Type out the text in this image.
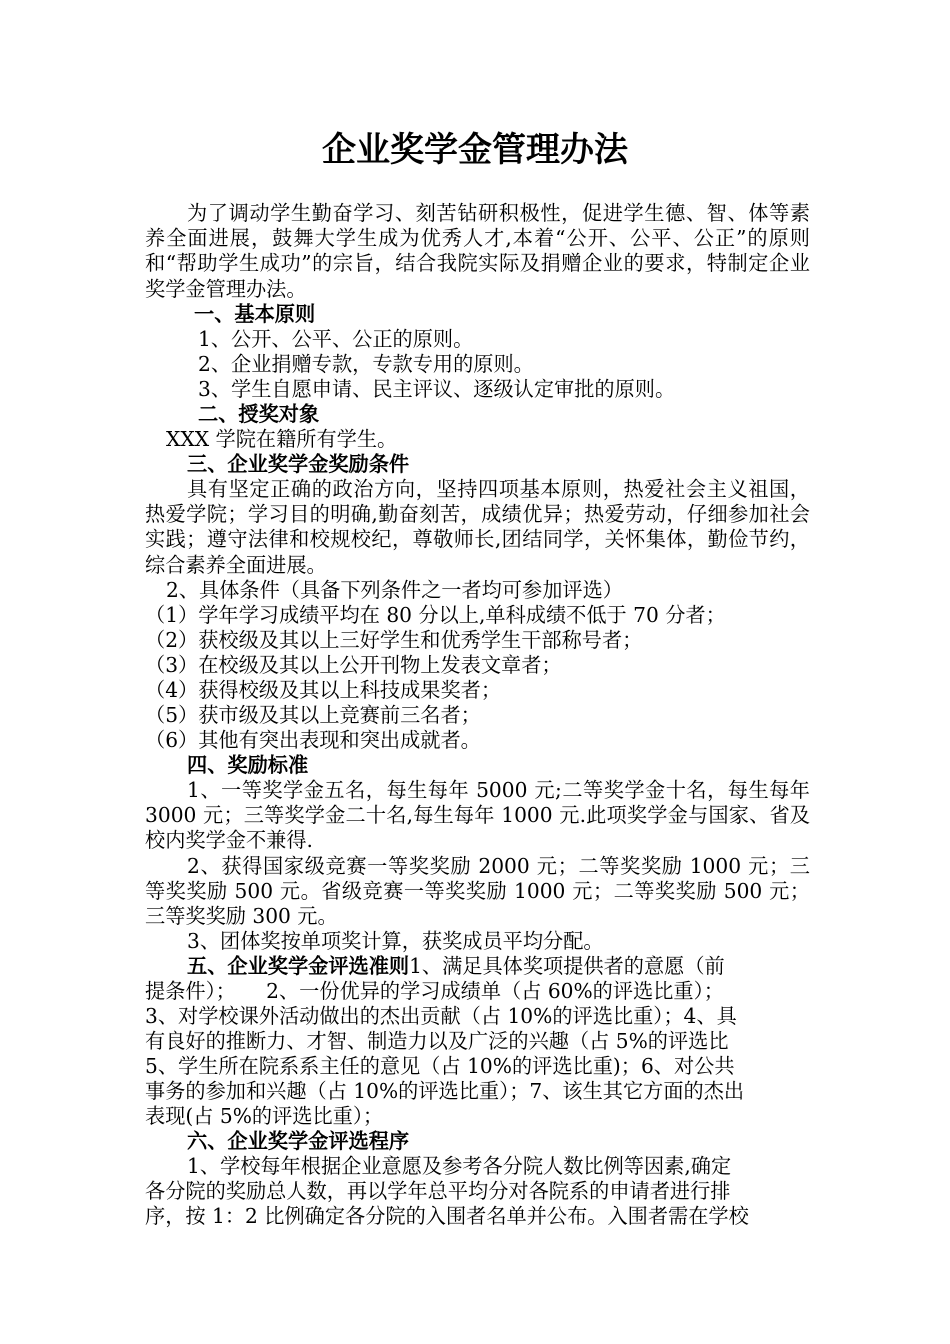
企业奖学金管理办法
为了调动学生勤奋学习、刻苦钻研积极性，促进学生德、智、体等素养全面进展，鼓舞大学生成为优秀人才,本着“公开、公平、公正”的原则和“帮助学生成功”的宗旨，结合我院实际及捐赠企业的要求，特制定企业奖学金管理办法。
一、基本原则
1、公开、公平、公正的原则。
2、企业捐赠专款，专款专用的原则。
3、学生自愿申请、民主评议、逐级认定审批的原则。
二、授奖对象
XXX 学院在籍所有学生。
三、企业奖学金奖励条件
具有坚定正确的政治方向，坚持四项基本原则，热爱社会主义祖国，热爱学院；学习目的明确,勤奋刻苦，成绩优异；热爱劳动，仔细参加社会实践；遵守法律和校规校纪，尊敬师长,团结同学，关怀集体，勤俭节约，综合素养全面进展。
2、具体条件（具备下列条件之一者均可参加评选）
（1）学年学习成绩平均在 80 分以上,单科成绩不低于 70 分者；
（2）获校级及其以上三好学生和优秀学生干部称号者；
（3）在校级及其以上公开刊物上发表文章者；
（4）获得校级及其以上科技成果奖者；
（5）获市级及其以上竞赛前三名者；
（6）其他有突出表现和突出成就者。
四、奖励标准
1、一等奖学金五名，每生每年 5000 元;二等奖学金十名，每生每年 3000 元；三等奖学金二十名,每生每年 1000 元.此项奖学金与国家、省及校内奖学金不兼得.
2、获得国家级竞赛一等奖奖励 2000 元；二等奖奖励 1000 元；三等奖奖励 500 元。省级竞赛一等奖奖励 1000 元；二等奖奖励 500 元；三等奖奖励 300 元。
3、团体奖按单项奖计算，获奖成员平均分配。
五、企业奖学金评选准则1、满足具体奖项提供者的意愿（前
提条件）；　　2、一份优异的学习成绩单（占 60%的评选比重）；
3、对学校课外活动做出的杰出贡献（占 10%的评选比重）；4、具
有良好的推断力、才智、制造力以及广泛的兴趣（占 5%的评选比
5、学生所在院系系主任的意见（占 10%的评选比重)；6、对公共
事务的参加和兴趣（占 10%的评选比重）；7、该生其它方面的杰出
表现(占 5%的评选比重）；
六、企业奖学金评选程序
1、学校每年根据企业意愿及参考各分院人数比例等因素,确定
各分院的奖励总人数，再以学年总平均分对各院系的申请者进行排
序，按 1：2 比例确定各分院的入围者名单并公布。入围者需在学校
